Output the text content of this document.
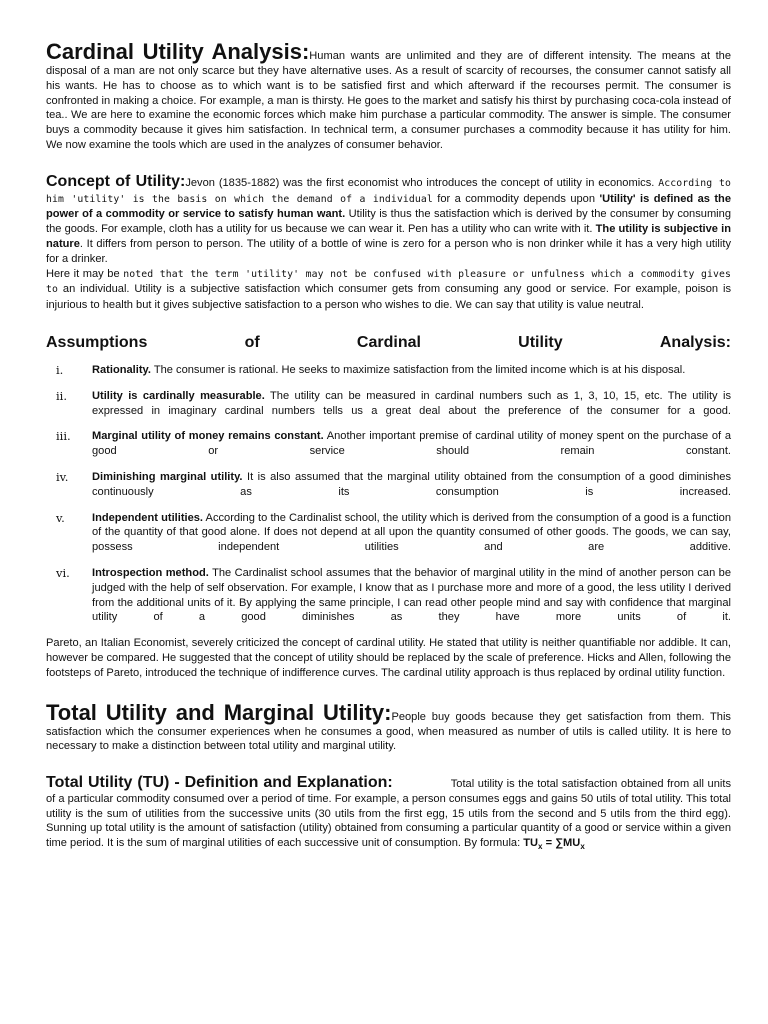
Cardinal Utility Analysis:Human wants are unlimited and they are of different intensity. The means at the disposal of a man are not only scarce but they have alternative uses. As a result of scarcity of recourses, the consumer cannot satisfy all his wants. He has to choose as to which want is to be satisfied first and which afterward if the recourses permit. The consumer is confronted in making a choice. For example, a man is thirsty. He goes to the market and satisfy his thirst by purchasing coca-cola instead of tea.. We are here to examine the economic forces which make him purchase a particular commodity. The answer is simple. The consumer buys a commodity because it gives him satisfaction. In technical term, a consumer purchases a commodity because it has utility for him. We now examine the tools which are used in the analyzes of consumer behavior.

Concept of Utility:Jevon (1835-1882) was the first economist who introduces the concept of utility in economics. According to him 'utility' is the basis on which the demand of a individual for a commodity depends upon 'Utility' is defined as the power of a commodity or service to satisfy human want. Utility is thus the satisfaction which is derived by the consumer by consuming the goods. For example, cloth has a utility for us because we can wear it. Pen has a utility who can write with it. The utility is subjective in nature. It differs from person to person. The utility of a bottle of wine is zero for a person who is non drinker while it has a very high utility for a drinker.
Here it may be noted that the term 'utility' may not be confused with pleasure or unfulness which a commodity gives to an individual. Utility is a subjective satisfaction which consumer gets from consuming any good or service. For example, poison is injurious to health but it gives subjective satisfaction to a person who wishes to die. We can say that utility is value neutral.

Assumptions	of	Cardinal	Utility	Analysis:
i.	Rationality. The consumer is rational. He seeks to maximize satisfaction from the limited income which is at his disposal.

ii.	Utility is cardinally measurable. The utility can be measured in cardinal numbers such as 1, 3, 10, 15, etc. The utility is expressed in imaginary cardinal numbers tells us a great deal about the preference of the consumer for a good.

iii.	Marginal utility of money remains constant. Another important premise of cardinal utility of money spent on the purchase of a good or service should remain constant.

iv.	Diminishing marginal utility. It is also assumed that the marginal utility obtained from the consumption of a good diminishes continuously as its consumption is increased.

v.	Independent utilities. According to the Cardinalist school, the utility which is derived from the consumption of a good is a function of the quantity of that good alone. If does not depend at all upon the quantity consumed of other goods. The goods, we can say, possess independent utilities and are additive.

vi.	Introspection method. The Cardinalist school assumes that the behavior of marginal utility in the mind of another person can be judged with the help of self observation. For example, I know that as I purchase more and more of a good, the less utility I derived from the additional units of it. By applying the same principle, I can read other people mind and say with confidence that marginal utility of a good diminishes as they have more units of it.

Pareto, an Italian Economist, severely criticized the concept of cardinal utility. He stated that utility is neither quantifiable nor addible. It can, however be compared. He suggested that the concept of utility should be replaced by the scale of preference. Hicks and Allen, following the footsteps of Pareto, introduced the technique of indifference curves. The cardinal utility approach is thus replaced by ordinal utility function.

Total Utility and Marginal Utility:People buy goods because they get satisfaction from them. This satisfaction which the consumer experiences when he consumes a good, when measured as number of utils is called utility. It is here to necessary to make a distinction between total utility and marginal utility.

Total Utility (TU) - Definition and Explanation:	Total utility is the total satisfaction obtained from all units of a particular commodity consumed over a period of time. For example, a person consumes eggs and gains 50 utils of total utility. This total utility is the sum of utilities from the successive units (30 utils from the first egg, 15 utils from the second and 5 utils from the third egg). Sunning up total utility is the amount of satisfaction (utility) obtained from consuming a particular quantity of a good or service within a given time period. It is the sum of marginal utilities of each successive unit of consumption. By formula: $TU_x = \sum MU_x$
